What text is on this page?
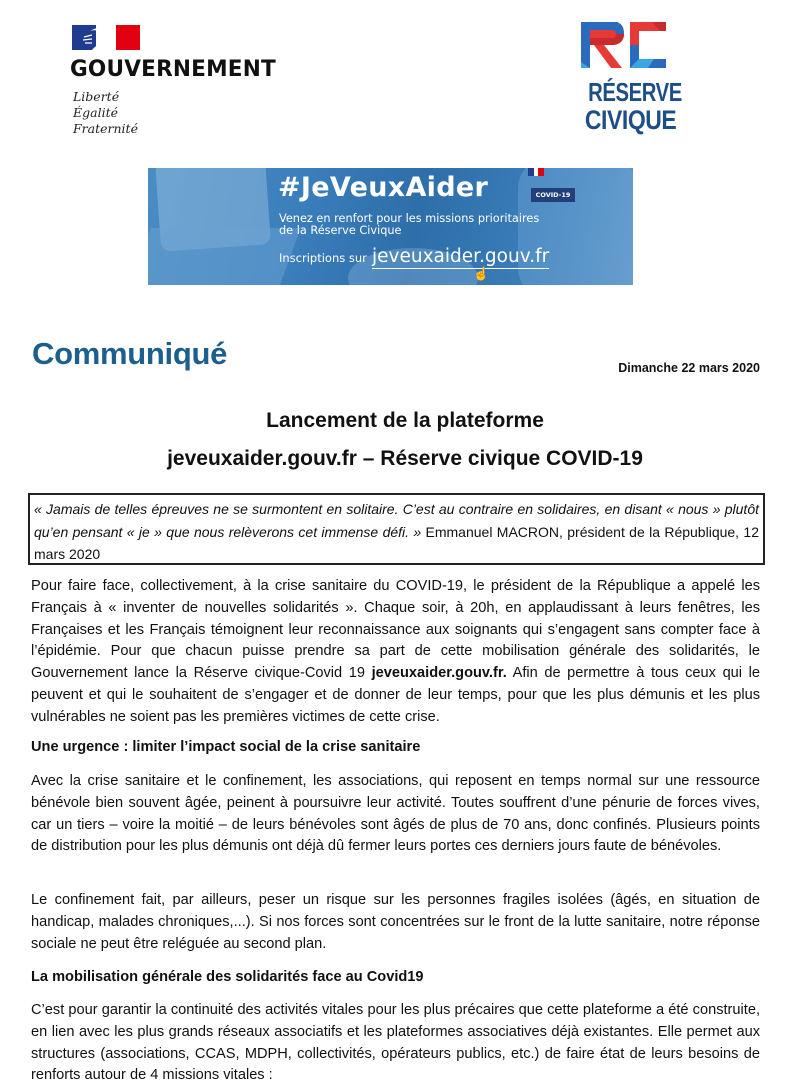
GOUVERNEMENT
Liberté
Égalité
Fraternité
RÉSERVE
CIVIQUE
#JeVeuxAider	COVID-19
Venez en renfort pour les missions prioritaires
de la Réserve Civique
Inscriptions sur jeveuxaider.gouv.fr
☝
Communiqué	Dimanche 22 mars 2020
Lancement de la plateforme
jeveuxaider.gouv.fr – Réserve civique COVID-19
« Jamais de telles épreuves ne se surmontent en solitaire. C’est au contraire en solidaires, en disant « nous » plutôt qu’en pensant « je » que nous relèverons cet immense défi. » Emmanuel MACRON, président de la République, 12 mars 2020
Pour faire face, collectivement, à la crise sanitaire du COVID-19, le président de la République a appelé les Français à « inventer de nouvelles solidarités ». Chaque soir, à 20h, en applaudissant à leurs fenêtres, les Françaises et les Français témoignent leur reconnaissance aux soignants qui s’engagent sans compter face à l’épidémie. Pour que chacun puisse prendre sa part de cette mobilisation générale des solidarités, le Gouvernement lance la Réserve civique-Covid 19 jeveuxaider.gouv.fr. Afin de permettre à tous ceux qui le peuvent et qui le souhaitent de s’engager et de donner de leur temps, pour que les plus démunis et les plus vulnérables ne soient pas les premières victimes de cette crise.
Une urgence : limiter l’impact social de la crise sanitaire
Avec la crise sanitaire et le confinement, les associations, qui reposent en temps normal sur une ressource bénévole bien souvent âgée, peinent à poursuivre leur activité. Toutes souffrent d’une pénurie de forces vives, car un tiers – voire la moitié – de leurs bénévoles sont âgés de plus de 70 ans, donc confinés. Plusieurs points de distribution pour les plus démunis ont déjà dû fermer leurs portes ces derniers jours faute de bénévoles.
Le confinement fait, par ailleurs, peser un risque sur les personnes fragiles isolées (âgés, en situation de handicap, malades chroniques,...). Si nos forces sont concentrées sur le front de la lutte sanitaire, notre réponse sociale ne peut être reléguée au second plan.
La mobilisation générale des solidarités face au Covid19
C’est pour garantir la continuité des activités vitales pour les plus précaires que cette plateforme a été construite, en lien avec les plus grands réseaux associatifs et les plateformes associatives déjà existantes. Elle permet aux structures (associations, CCAS, MDPH, collectivités, opérateurs publics, etc.) de faire état de leurs besoins de renforts autour de 4 missions vitales :
